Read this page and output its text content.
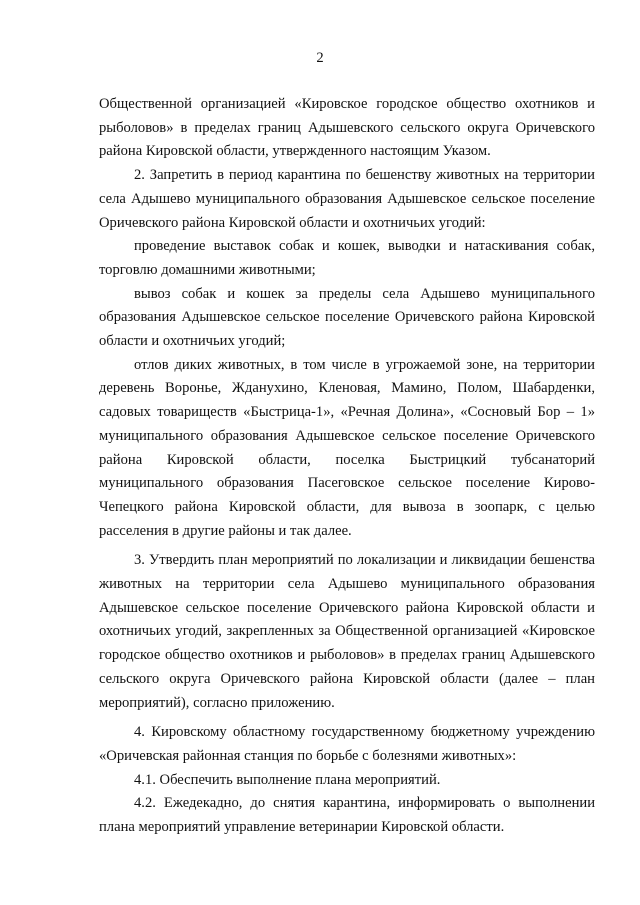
2

Общественной организацией «Кировское городское общество охотников и рыболовов» в пределах границ Адышевского сельского округа Оричевского района Кировской области, утвержденного настоящим Указом.

2. Запретить в период карантина по бешенству животных на территории села Адышево муниципального образования Адышевское сельское поселение Оричевского района Кировской области и охотничьих угодий:

проведение выставок собак и кошек, выводки и натаскивания собак, торговлю домашними животными;

вывоз собак и кошек за пределы села Адышево муниципального образования Адышевское сельское поселение Оричевского района Кировской области и охотничьих угодий;

отлов диких животных, в том числе в угрожаемой зоне, на территории деревень Воронье, Жданухино, Кленовая, Мамино, Полом, Шабарденки, садовых товариществ «Быстрица-1», «Речная Долина», «Сосновый Бор – 1» муниципального образования Адышевское сельское поселение Оричевского района Кировской области, поселка Быстрицкий тубсанаторий муниципального образования Пасеговское сельское поселение Кирово-Чепецкого района Кировской области, для вывоза в зоопарк, с целью расселения в другие районы и так далее.

3. Утвердить план мероприятий по локализации и ликвидации бешенства животных на территории села Адышево муниципального образования Адышевское сельское поселение Оричевского района Кировской области и охотничьих угодий, закрепленных за Общественной организацией «Кировское городское общество охотников и рыболовов» в пределах границ Адышевского сельского округа Оричевского района Кировской области (далее – план мероприятий), согласно приложению.

4. Кировскому областному государственному бюджетному учреждению «Оричевская районная станция по борьбе с болезнями животных»:

4.1. Обеспечить выполнение плана мероприятий.

4.2. Ежедекадно, до снятия карантина, информировать о выполнении плана мероприятий управление ветеринарии Кировской области.
